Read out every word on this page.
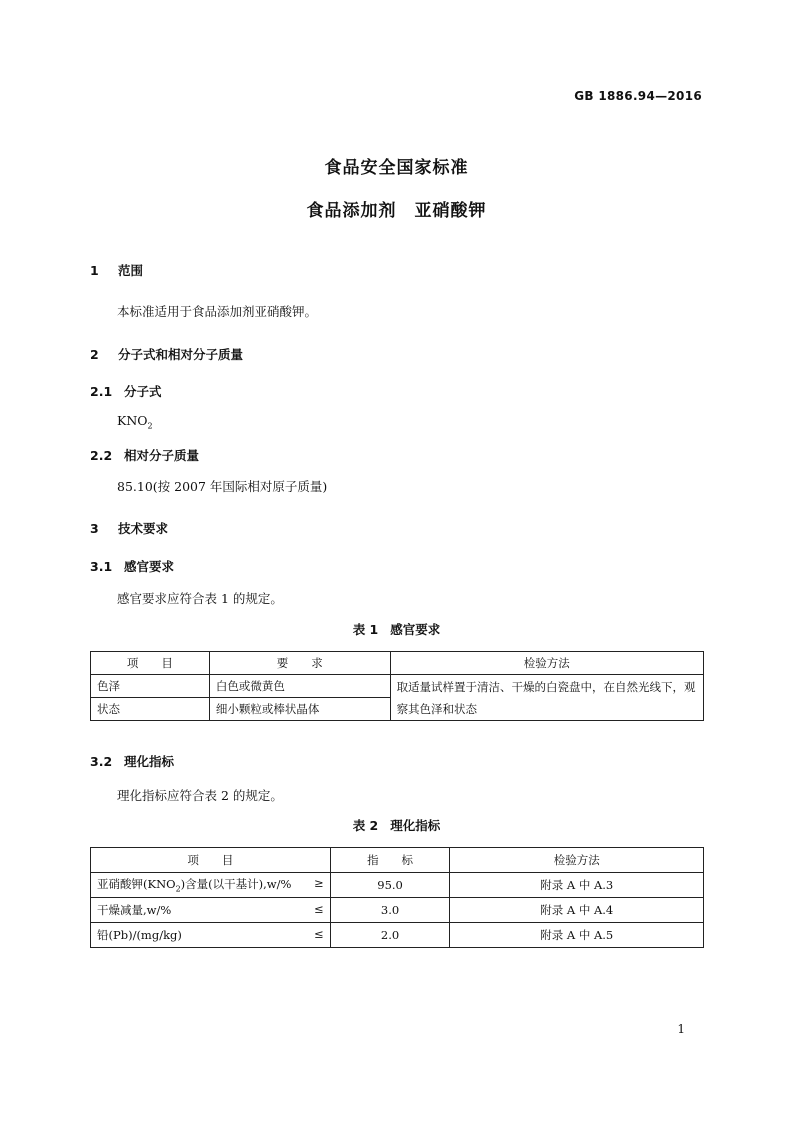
GB 1886.94—2016
食品安全国家标准
食品添加剂　亚硝酸钾
1 范围
本标准适用于食品添加剂亚硝酸钾。
2 分子式和相对分子质量
2.1 分子式
$KNO_2$
2.2 相对分子质量
85.10(按 2007 年国际相对原子质量)
3 技术要求
3.1 感官要求
感官要求应符合表 1 的规定。
表 1 感官要求
项　　目	要　　求	检验方法
色泽	白色或微黄色	取适量试样置于清洁、干燥的白瓷盘中，在自然光线下，观察其色泽和状态
状态	细小颗粒或棒状晶体	
3.2 理化指标
理化指标应符合表 2 的规定。
表 2 理化指标
项　　目	指　　标	检验方法
亚硝酸钾$(KNO_2)$含量(以干基计),w/% ≥	95.0	附录 A 中 A.3
干燥减量,w/% ≤	3.0	附录 A 中 A.4
铅(Pb)/(mg/kg) ≤	2.0	附录 A 中 A.5
1
